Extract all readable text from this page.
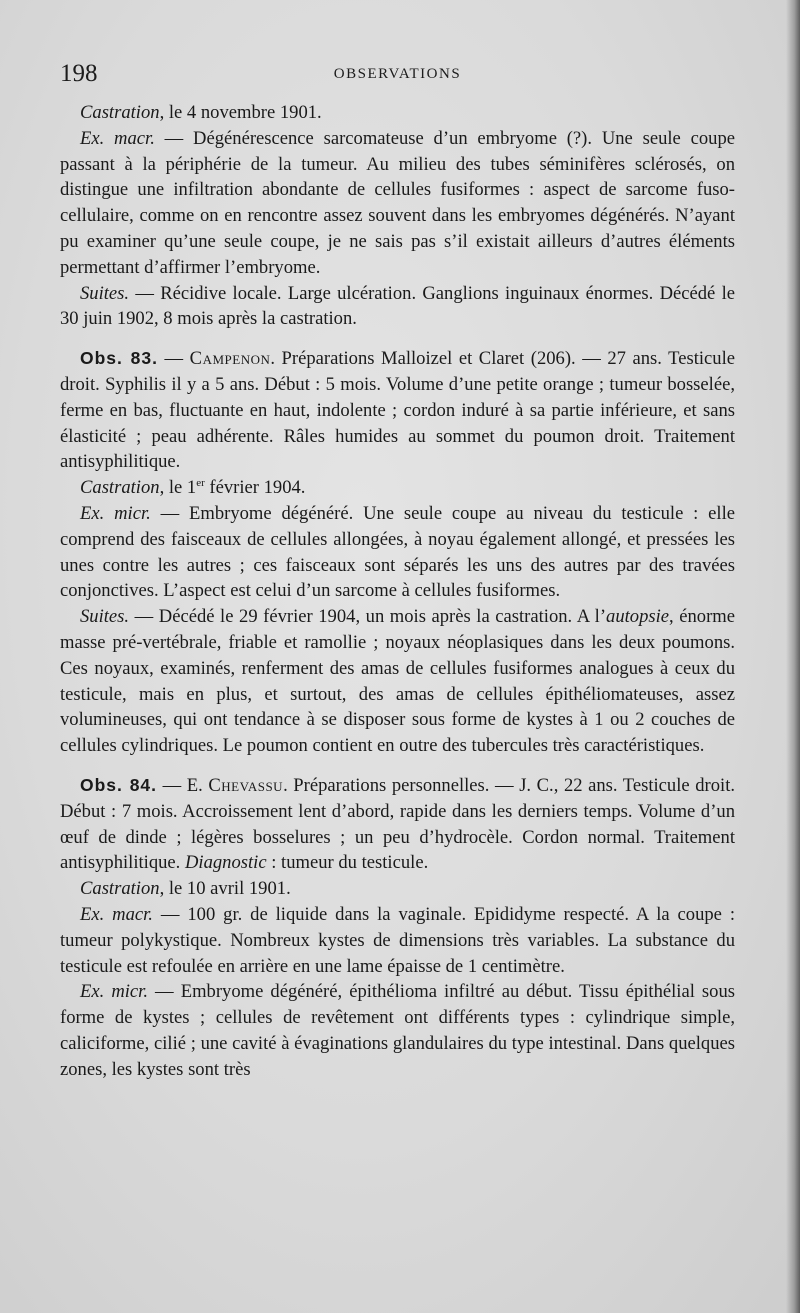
198	OBSERVATIONS

Castration, le 4 novembre 1901.

Ex. macr. — Dégénérescence sarcomateuse d’un embryome (?). Une seule coupe passant à la périphérie de la tumeur. Au milieu des tubes séminifères sclérosés, on distingue une infiltration abondante de cellules fusiformes : aspect de sarcome fuso-cellulaire, comme on en rencontre assez souvent dans les embryomes dégénérés. N’ayant pu examiner qu’une seule coupe, je ne sais pas s’il existait ailleurs d’autres éléments permettant d’affirmer l’embryome.

Suites. — Récidive locale. Large ulcération. Ganglions inguinaux énormes. Décédé le 30 juin 1902, 8 mois après la castration.

Obs. 83. — Campenon. Préparations Malloizel et Claret (206). — 27 ans. Testicule droit. Syphilis il y a 5 ans. Début : 5 mois. Volume d’une petite orange ; tumeur bosselée, ferme en bas, fluctuante en haut, indolente ; cordon induré à sa partie inférieure, et sans élasticité ; peau adhérente. Râles humides au sommet du poumon droit. Traitement antisyphilitique.

Castration, le 1er février 1904.

Ex. micr. — Embryome dégénéré. Une seule coupe au niveau du testicule : elle comprend des faisceaux de cellules allongées, à noyau également allongé, et pressées les unes contre les autres ; ces faisceaux sont séparés les uns des autres par des travées conjonctives. L’aspect est celui d’un sarcome à cellules fusiformes.

Suites. — Décédé le 29 février 1904, un mois après la castration. A l’autopsie, énorme masse pré-vertébrale, friable et ramollie ; noyaux néoplasiques dans les deux poumons. Ces noyaux, examinés, renferment des amas de cellules fusiformes analogues à ceux du testicule, mais en plus, et surtout, des amas de cellules épithéliomateuses, assez volumineuses, qui ont tendance à se disposer sous forme de kystes à 1 ou 2 couches de cellules cylindriques. Le poumon contient en outre des tubercules très caractéristiques.

Obs. 84. — E. Chevassu. Préparations personnelles. — J. C., 22 ans. Testicule droit. Début : 7 mois. Accroissement lent d’abord, rapide dans les derniers temps. Volume d’un œuf de dinde ; légères bosselures ; un peu d’hydrocèle. Cordon normal. Traitement antisyphilitique. Diagnostic : tumeur du testicule.

Castration, le 10 avril 1901.

Ex. macr. — 100 gr. de liquide dans la vaginale. Epididyme respecté. A la coupe : tumeur polykystique. Nombreux kystes de dimensions très variables. La substance du testicule est refoulée en arrière en une lame épaisse de 1 centimètre.

Ex. micr. — Embryome dégénéré, épithélioma infiltré au début. Tissu épithélial sous forme de kystes ; cellules de revêtement ont différents types : cylindrique simple, caliciforme, cilié ; une cavité à évaginations glandulaires du type intestinal. Dans quelques zones, les kystes sont très
